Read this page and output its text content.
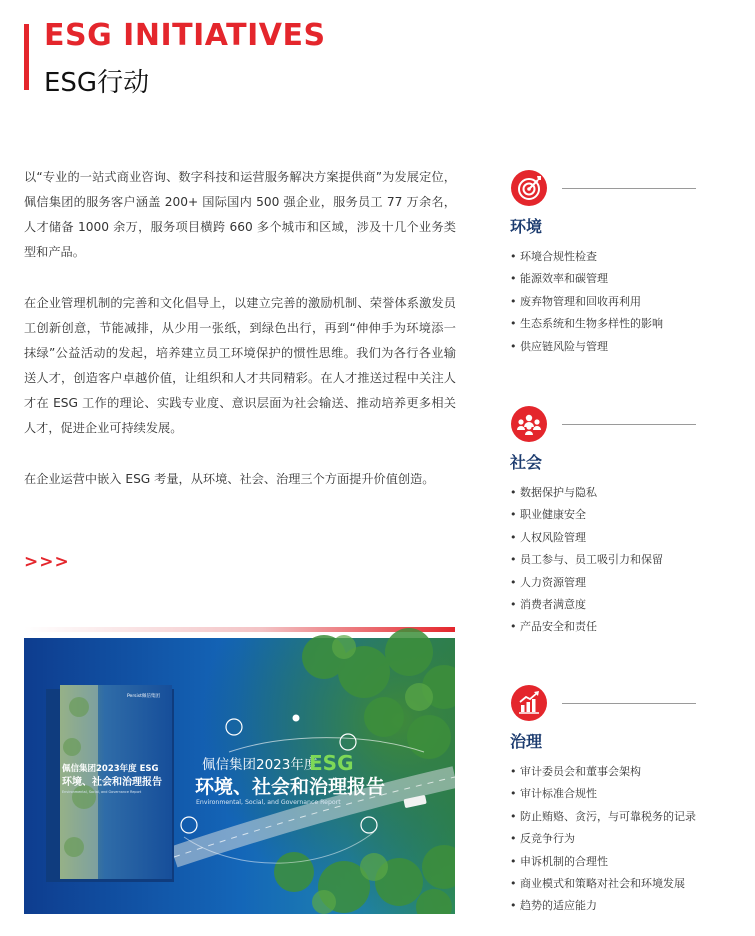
ESG INITIATIVES
ESG行动

以“专业的一站式商业咨询、数字科技和运营服务解决方案提供商”为发展定位，佩信集团的服务客户涵盖 200+ 国际国内 500 强企业，服务员工 77 万余名，人才储备 1000 余万，服务项目横跨 660 多个城市和区域，涉及十几个业务类型和产品。

在企业管理机制的完善和文化倡导上，以建立完善的激励机制、荣誉体系激发员工创新创意，节能减排，从少用一张纸，到绿色出行，再到“伸伸手为环境添一抹绿”公益活动的发起，培养建立员工环境保护的惯性思维。我们为各行各业输送人才，创造客户卓越价值，让组织和人才共同精彩。在人才推送过程中关注人才在 ESG 工作的理论、实践专业度、意识层面为社会输送、推动培养更多相关人才，促进企业可持续发展。

在企业运营中嵌入 ESG 考量，从环境、社会、治理三个方面提升价值创造。

>>>
佩信集团2023年度
ESG
环境、社会和治理报告
Environmental, Social, and Governance Report
Persist佩信集团
佩信集团2023年度 ESG
环境、社会和治理报告
Environmental, Social, and Governance Report
环境
• 环境合规性检查
• 能源效率和碳管理
• 废弃物管理和回收再利用
• 生态系统和生物多样性的影响
• 供应链风险与管理
社会
• 数据保护与隐私
• 职业健康安全
• 人权风险管理
• 员工参与、员工吸引力和保留
• 人力资源管理
• 消费者满意度
• 产品安全和责任
治理
• 审计委员会和董事会架构
• 审计标准合规性
• 防止贿赂、贪污，与可靠税务的记录
• 反竞争行为
• 申诉机制的合理性
• 商业模式和策略对社会和环境发展
• 趋势的适应能力
